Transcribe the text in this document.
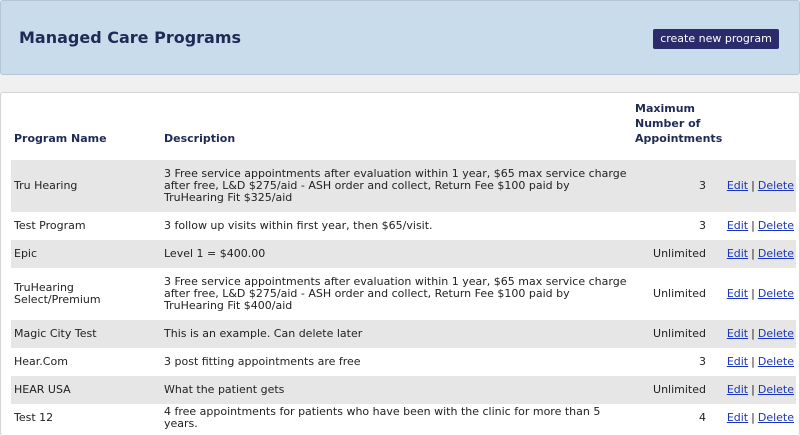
Managed Care Programs	create new program
Program Name	Description	Maximum
Number of
Appointments	
Tru Hearing	3 Free service appointments after evaluation within 1 year, $65 max service charge after free, L&D $275/aid - ASH order and collect, Return Fee $100 paid by TruHearing Fit $325/aid	3	Edit | Delete
Test Program	3 follow up visits within first year, then $65/visit.	3	Edit | Delete
Epic	Level 1 = $400.00	Unlimited	Edit | Delete
TruHearing Select/Premium	3 Free service appointments after evaluation within 1 year, $65 max service charge after free, L&D $275/aid - ASH order and collect, Return Fee $100 paid by TruHearing Fit $400/aid	Unlimited	Edit | Delete
Magic City Test	This is an example. Can delete later	Unlimited	Edit | Delete
Hear.Com	3 post fitting appointments are free	3	Edit | Delete
HEAR USA	What the patient gets	Unlimited	Edit | Delete
Test 12	4 free appointments for patients who have been with the clinic for more than 5 years.	4	Edit | Delete
